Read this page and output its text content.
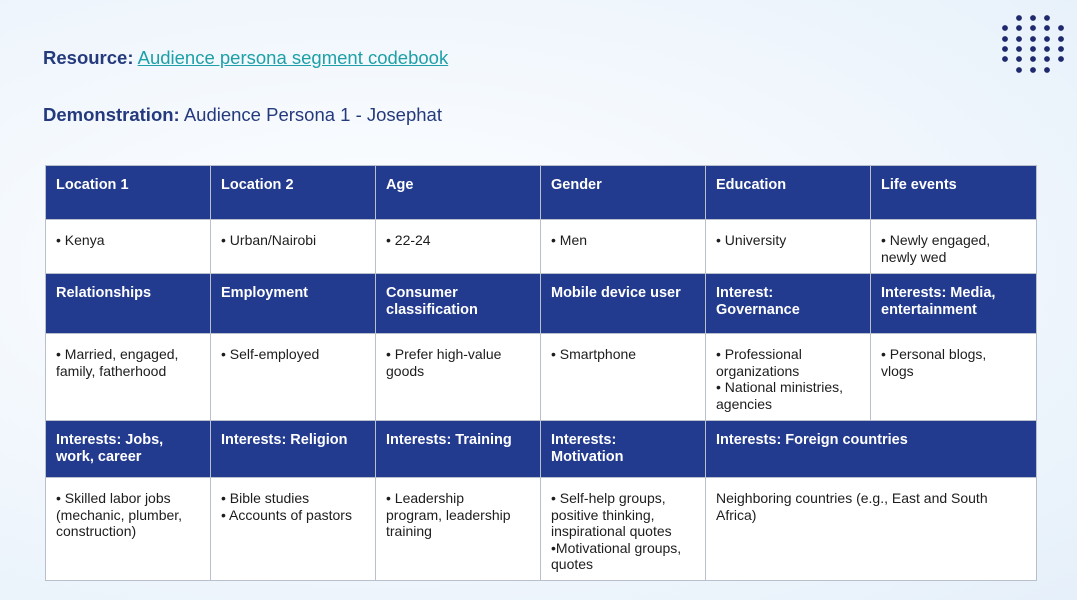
Resource: Audience persona segment codebook
Demonstration: Audience Persona 1 - Josephat
Location 1	Location 2	Age	Gender	Education	Life events

• Kenya	• Urban/Nairobi	• 22-24	• Men	• University	• Newly engaged,
newly wed

Relationships	Employment	Consumer
classification	Mobile device user	Interest:
Governance	Interests: Media,
entertainment

• Married, engaged,
family, fatherhood	• Self-employed	• Prefer high-value
goods	• Smartphone	• Professional
organizations
• National ministries,
agencies	• Personal blogs,
vlogs

Interests: Jobs,
work, career	Interests: Religion	Interests: Training	Interests:
Motivation	Interests: Foreign countries	

• Skilled labor jobs
(mechanic, plumber,
construction)	• Bible studies
• Accounts of pastors	• Leadership
program, leadership
training	• Self-help groups,
positive thinking,
inspirational quotes
•Motivational groups,
quotes	Neighboring countries (e.g., East and South
Africa)	
